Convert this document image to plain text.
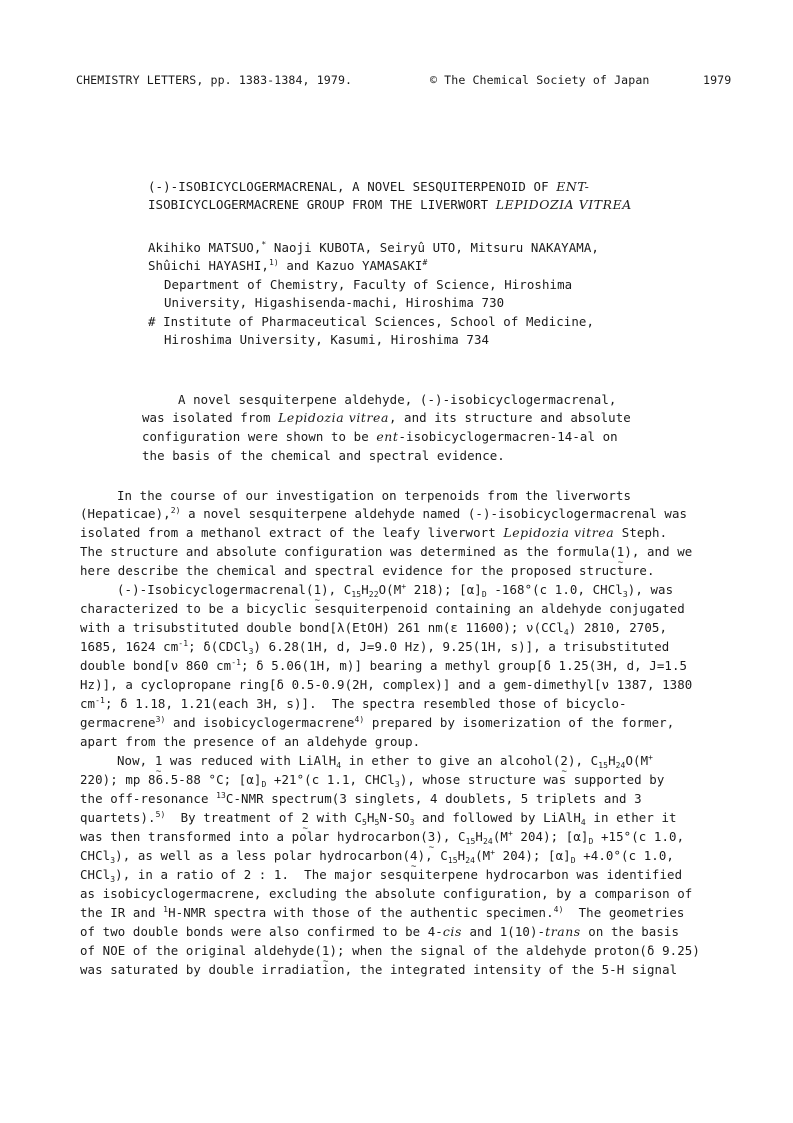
CHEMISTRY LETTERS, pp. 1383-1384, 1979.	© The Chemical Society of Japan	1979
(-)-ISOBICYCLOGERMACRENAL, A NOVEL SESQUITERPENOID OF ENT-
ISOBICYCLOGERMACRENE GROUP FROM THE LIVERWORT LEPIDOZIA VITREA
Akihiko MATSUO,* Naoji KUBOTA, Seiryû UTO, Mitsuru NAKAYAMA,
Shûichi HAYASHI,$^{1)}$ and Kazuo YAMASAKI#
Department of Chemistry, Faculty of Science, Hiroshima
University, Higashisenda-machi, Hiroshima 730
# Institute of Pharmaceutical Sciences, School of Medicine,
Hiroshima University, Kasumi, Hiroshima 734
A novel sesquiterpene aldehyde, (-)-isobicyclogermacrenal,
was isolated from Lepidozia vitrea, and its structure and absolute
configuration were shown to be ent-isobicyclogermacren-14-al on
the basis of the chemical and spectral evidence.
In the course of our investigation on terpenoids from the liverworts
(Hepaticae),$^{2)}$ a novel sesquiterpene aldehyde named (-)-isobicyclogermacrenal was
isolated from a methanol extract of the leafy liverwort Lepidozia vitrea Steph.
The structure and absolute configuration was determined as the formula(1 ~), and we
here describe the chemical and spectral evidence for the proposed structure.
(-)-Isobicyclogermacrenal(1 ~), $C_{15}H_{22}O(M^+$ 218); $[\alpha]_D$ -168°(c 1.0, CHCl$_3$), was
characterized to be a bicyclic sesquiterpenoid containing an aldehyde conjugated
with a trisubstituted double bond[λ(EtOH) 261 nm(ε 11600); ν(CCl$_4$) 2810, 2705,
1685, 1624 $cm^{-1}$; δ(CDCl$_3$) 6.28(1H, d, J=9.0 Hz), 9.25(1H, s)], a trisubstituted
double bond[ν 860 $cm^{-1}$; δ 5.06(1H, m)] bearing a methyl group[δ 1.25(3H, d, J=1.5
Hz)], a cyclopropane ring[δ 0.5-0.9(2H, complex)] and a gem-dimethyl[ν 1387, 1380
$cm^{-1}$; δ 1.18, 1.21(each 3H, s)].  The spectra resembled those of bicyclo-
germacrene$^{3)}$ and isobicyclogermacrene$^{4)}$ prepared by isomerization of the former,
apart from the presence of an aldehyde group.
Now, 1 ~ was reduced with LiAlH$_4$ in ether to give an alcohol(2 ~), $C_{15}H_{24}O(M^+$
220); mp 86.5-88 °C; $[\alpha]_D +21^\circ(c$ 1.1, CHCl$_3$), whose structure was supported by
the off-resonance $^{13}$C-NMR spectrum(3 singlets, 4 doublets, 5 triplets and 3
quartets).$^{5)}$  By treatment of 2 ~ with $C_5H_5N-SO_3$ and followed by LiAlH$_4$ in ether it
was then transformed into a polar hydrocarbon(3 ~), $C_{15}H_{24}(M^+$ 204); $[\alpha]_D +15^\circ(c$ 1.0,
CHCl$_3$), as well as a less polar hydrocarbon(4 ~), $C_{15}H_{24}(M^+$ 204); $[\alpha]_D +4.0^\circ(c$ 1.0,
CHCl$_3$), in a ratio of 2 : 1.  The major sesquiterpene hydrocarbon was identified
as isobicyclogermacrene, excluding the absolute configuration, by a comparison of
the IR and $^1$H-NMR spectra with those of the authentic specimen.$^{4)}$  The geometries
of two double bonds were also confirmed to be 4-cis and 1(10)-trans on the basis
of NOE of the original aldehyde(1 ~); when the signal of the aldehyde proton(δ 9.25)
was saturated by double irradiation, the integrated intensity of the 5-H signal
